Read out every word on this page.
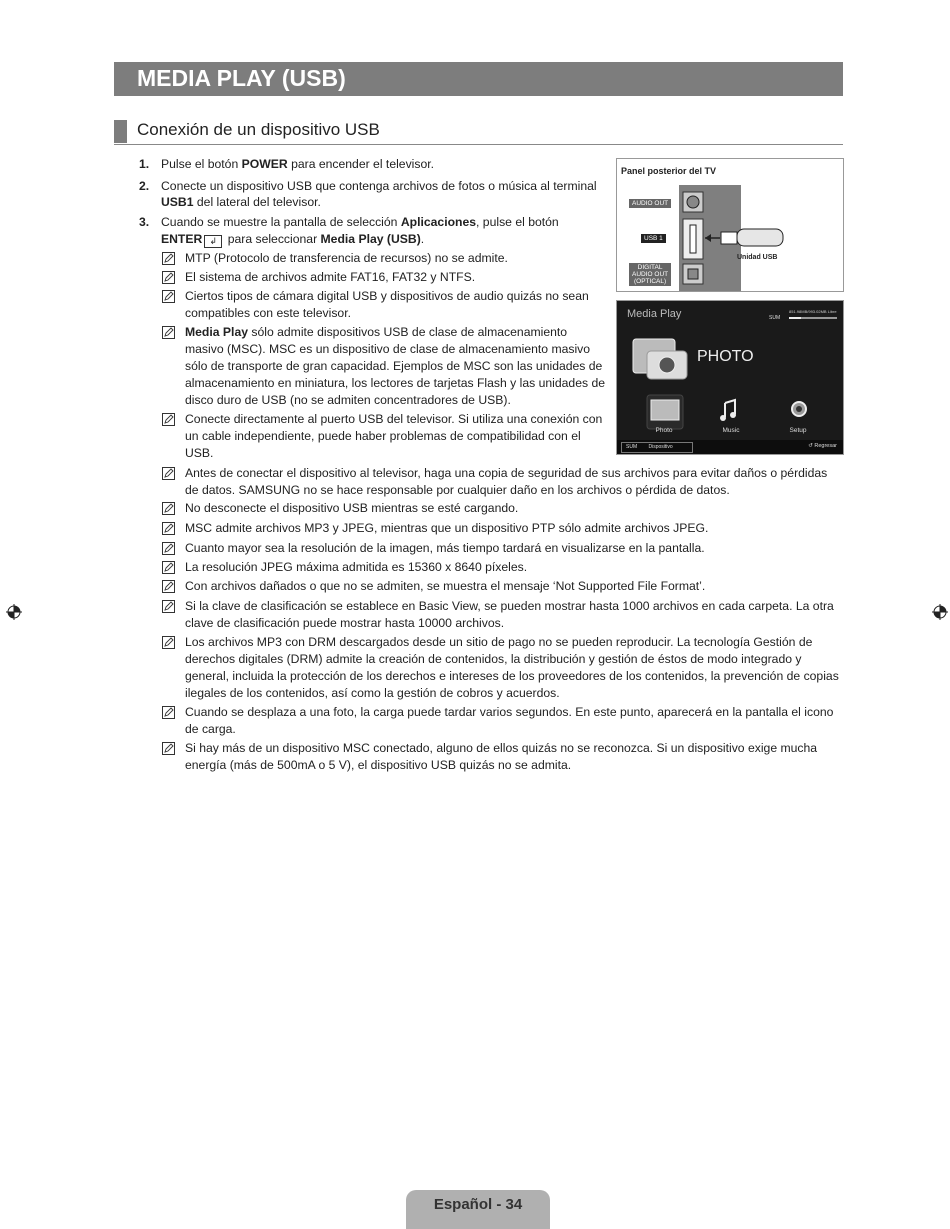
MEDIA PLAY (USB)
Conexión de un dispositivo USB
1. Pulse el botón POWER para encender el televisor.
2. Conecte un dispositivo USB que contenga archivos de fotos o música al terminal
USB1 del lateral del televisor.
3. Cuando se muestre la pantalla de selección Aplicaciones, pulse el botón
ENTER ↲ para seleccionar Media Play (USB).
MTP (Protocolo de transferencia de recursos) no se admite.
El sistema de archivos admite FAT16, FAT32 y NTFS.
Ciertos tipos de cámara digital USB y dispositivos de audio quizás no sean
compatibles con este televisor.
Media Play sólo admite dispositivos USB de clase de almacenamiento
masivo (MSC). MSC es un dispositivo de clase de almacenamiento masivo
sólo de transporte de gran capacidad. Ejemplos de MSC son las unidades de
almacenamiento en miniatura, los lectores de tarjetas Flash y las unidades de
disco duro de USB (no se admiten concentradores de USB).
Conecte directamente al puerto USB del televisor. Si utiliza una conexión con
un cable independiente, puede haber problemas de compatibilidad con el
USB.
Antes de conectar el dispositivo al televisor, haga una copia de seguridad de sus archivos para evitar daños o pérdidas
de datos. SAMSUNG no se hace responsable por cualquier daño en los archivos o pérdida de datos.
No desconecte el dispositivo USB mientras se esté cargando.
MSC admite archivos MP3 y JPEG, mientras que un dispositivo PTP sólo admite archivos JPEG.
Cuanto mayor sea la resolución de la imagen, más tiempo tardará en visualizarse en la pantalla.
La resolución JPEG máxima admitida es 15360 x 8640 píxeles.
Con archivos dañados o que no se admiten, se muestra el mensaje ‘Not Supported File Format’.
Si la clave de clasificación se establece en Basic View, se pueden mostrar hasta 1000 archivos en cada carpeta. La otra
clave de clasificación puede mostrar hasta 10000 archivos.
Los archivos MP3 con DRM descargados desde un sitio de pago no se pueden reproducir. La tecnología Gestión de
derechos digitales (DRM) admite la creación de contenidos, la distribución y gestión de éstos de modo integrado y
general, incluida la protección de los derechos e intereses de los proveedores de los contenidos, la prevención de copias
ilegales de los contenidos, así como la gestión de cobros y acuerdos.
Cuando se desplaza a una foto, la carga puede tardar varios segundos. En este punto, aparecerá en la pantalla el icono
de carga.
Si hay más de un dispositivo MSC conectado, alguno de ellos quizás no se reconozca. Si un dispositivo exige mucha
energía (más de 500mA o 5 V), el dispositivo USB quizás no se admita.
Panel posterior del TV
AUDIO OUT
USB 1
DIGITAL
AUDIO OUT
(OPTICAL)
Unidad USB
Media Play	851.98MB/993.02MB Libre
SUM
PHOTO
Photo	Music	Setup
SUM Dispositivo	↺ Regresar
Español - 34
